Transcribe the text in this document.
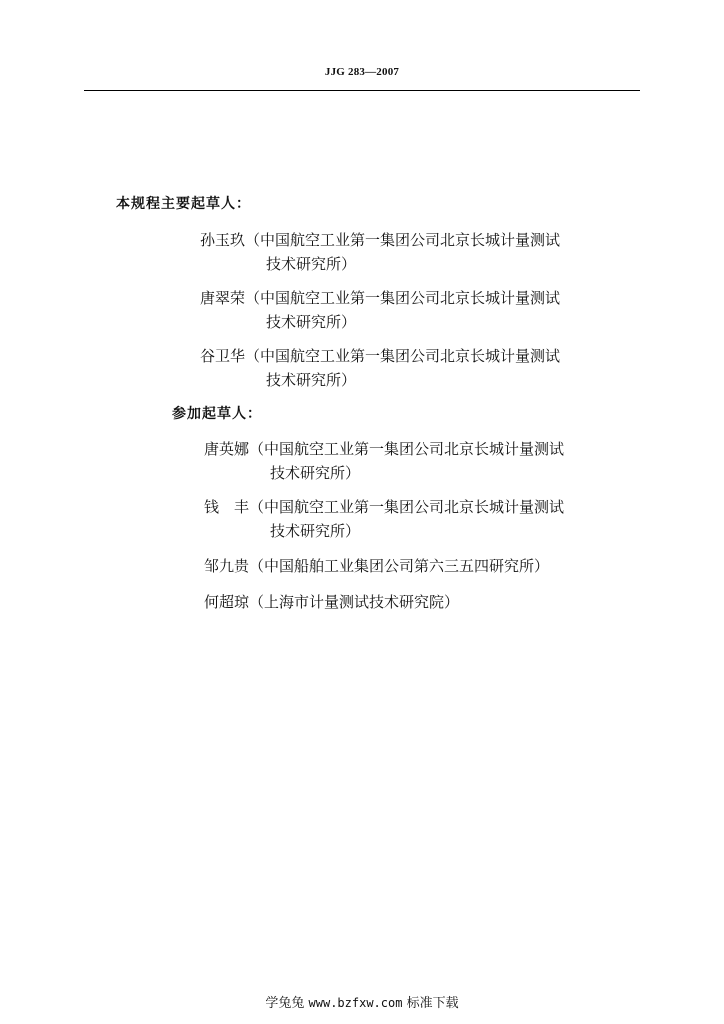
JJG 283—2007
本规程主要起草人：
孙玉玖（中国航空工业第一集团公司北京长城计量测试
技术研究所）
唐翠荣（中国航空工业第一集团公司北京长城计量测试
技术研究所）
谷卫华（中国航空工业第一集团公司北京长城计量测试
技术研究所）
参加起草人：
唐英娜（中国航空工业第一集团公司北京长城计量测试
技术研究所）
钱　丰（中国航空工业第一集团公司北京长城计量测试
技术研究所）
邹九贵（中国船舶工业集团公司第六三五四研究所）
何超琼（上海市计量测试技术研究院）
学兔兔 www.bzfxw.com 标准下载
